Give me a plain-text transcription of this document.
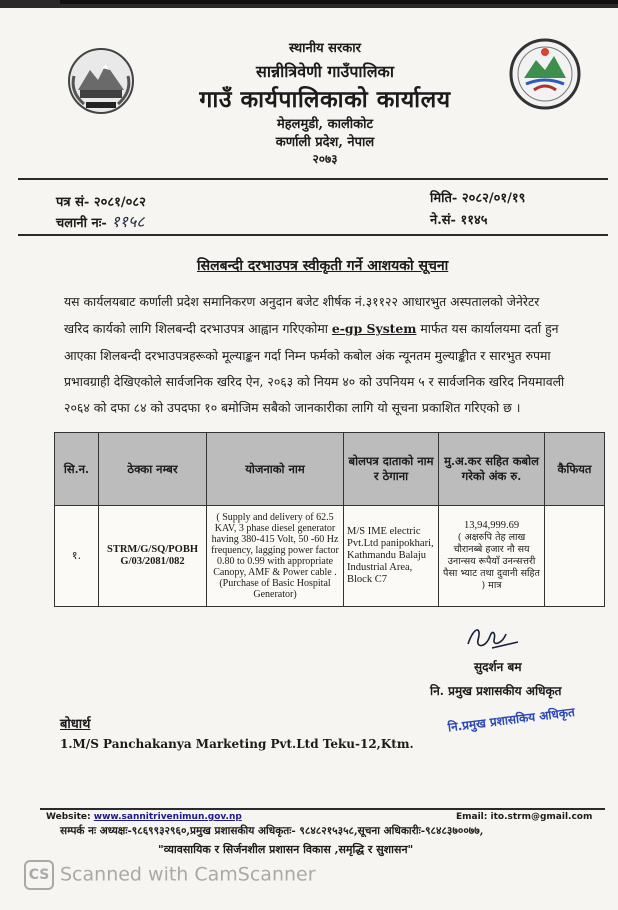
स्थानीय सरकार
सान्नीत्रिवेणी गाउँपालिका
गाउँ कार्यपालिकाको कार्यालय
मेहलमुडी, कालीकोट
कर्णाली प्रदेश, नेपाल
२०७३
पत्र सं- २०८१/०८२
चलानी नः- ११५८
मिति- २०८२/०१/१९
ने.सं- ११४५
सिलबन्दी दरभाउपत्र स्वीकृती गर्ने आशयको सूचना
यस कार्यलयबाट कर्णाली प्रदेश समानिकरण अनुदान बजेट शीर्षक नं.३११२२ आधारभुत अस्पतालको जेनेरेटर
खरिद कार्यको लागि शिलबन्दी दरभाउपत्र आह्वान गरिएकोमा e-gp System मार्फत यस कार्यालयमा दर्ता हुन
आएका शिलबन्दी दरभाउपत्रहरूको मूल्याङ्कन गर्दा निम्न फर्मको कबोल अंक न्यूनतम मुल्याङ्कीत र सारभुत रुपमा
प्रभावग्राही देखिएकोले सार्वजनिक खरिद ऐन, २०६३ को नियम ४० को उपनियम ५ र सार्वजनिक खरिद नियमावली
२०६४ को दफा ८४ को उपदफा १० बमोजिम सबैको जानकारीका लागि यो सूचना प्रकाशित गरिएको छ ।
सि.न.	ठेक्का नम्बर	योजनाको नाम	बोलपत्र दाताको नाम र ठेगाना	मु.अ.कर सहित कबोल गरेको अंक रु.	कैफियत
१.	STRM/G/SQ/POBH G/03/2081/082	( Supply and delivery of 62.5 KAV, 3 phase diesel generator having 380-415 Volt, 50 -60 Hz frequency, lagging power factor 0.80 to 0.99 with appropriate Canopy, AMF & Power cable .(Purchase of Basic Hospital Generator)	M/S IME electric Pvt.Ltd panipokhari, Kathmandu Balaju Industrial Area, Block C7	13,94,999.69
( अक्षरुपि तेह लाख चौरानब्बे हजार नौ सय उनान्सय रूपैयाँ उनन्सत्तरी पैसा भ्याट तथा दुवानी सहित ) मात्र	

सुदर्शन बम
नि. प्रमुख प्रशासकीय अधिकृत
नि.प्रमुख प्रशासकिय अधिकृत
बोधार्थ
1.M/S Panchakanya Marketing Pvt.Ltd Teku-12,Ktm.
Website: www.sannitrivenimun.gov.np	Email: ito.strm@gmail.com
सम्पर्क नः अध्यक्षः-९८६९९३२९६०,प्रमुख प्रशासकीय अधिकृतः- ९८४८२१५३५८,सूचना अधिकारीः-९८४८३७००७७,
"व्यावसायिक र सिर्जनशील प्रशासन विकास ,समृद्धि र सुशासन"
CS Scanned with CamScanner
